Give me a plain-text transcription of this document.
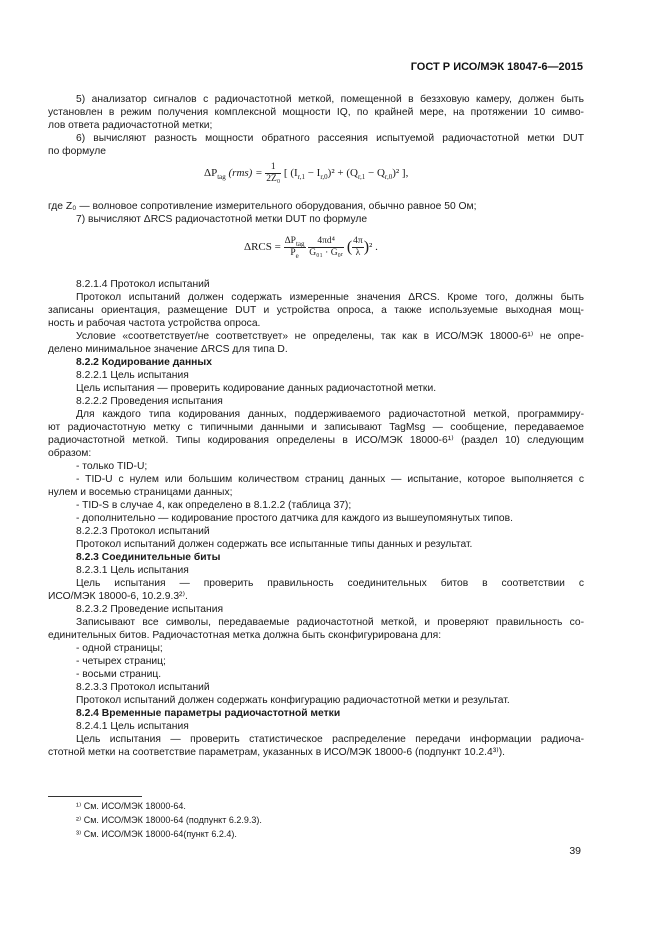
ГОСТ Р ИСО/МЭК 18047-6—2015
5) анализатор сигналов с радиочастотной меткой, помещенной в беззховую камеру, должен быть
установлен в режим получения комплексной мощности IQ, по крайней мере, на протяжении 10 симво-
лов ответа радиочастотной метки;
6) вычисляют разность мощности обратного рассеяния испытуемой радиочастотной метки DUT
по формуле
где Z₀ — волновое сопротивление измерительного оборудования, обычно равное 50 Ом;
7) вычисляют ΔRCS радиочастотной метки DUT по формуле
8.2.1.4 Протокол испытаний
Протокол испытаний должен содержать измеренные значения ΔRCS. Кроме того, должны быть
записаны ориентация, размещение DUT и устройства опроса, а также используемые выходная мощ-
ность и рабочая частота устройства опроса.
Условие «соответствует/не соответствует» не определены, так как в ИСО/МЭК 18000-6¹⁾ не опре-
делено минимальное значение ΔRCS для типа D.
8.2.2 Кодирование данных
8.2.2.1 Цель испытания
Цель испытания — проверить кодирование данных радиочастотной метки.
8.2.2.2 Проведения испытания
Для каждого типа кодирования данных, поддерживаемого радиочастотной меткой, программиру-
ют радиочастотную метку с типичными данными и записывают TagMsg — сообщение, передаваемое
радиочастотной меткой. Типы кодирования определены в ИСО/МЭК 18000-6¹⁾ (раздел 10) следующим
образом:
- только TID-U;
- TID-U с нулем или большим количеством страниц данных — испытание, которое выполняется с
нулем и восемью страницами данных;
- TID-S в случае 4, как определено в 8.1.2.2 (таблица 37);
- дополнительно — кодирование простого датчика для каждого из вышеупомянутых типов.
8.2.2.3 Протокол испытаний
Протокол испытаний должен содержать все испытанные типы данных и результат.
8.2.3 Соединительные биты
8.2.3.1 Цель испытания
Цель испытания — проверить правильность соединительных битов в соответствии с
ИСО/МЭК 18000-6, 10.2.9.3²⁾.
8.2.3.2 Проведение испытания
Записывают все символы, передаваемые радиочастотной меткой, и проверяют правильность со-
единительных битов. Радиочастотная метка должна быть сконфигурирована для:
- одной страницы;
- четырех страниц;
- восьми страниц.
8.2.3.3 Протокол испытаний
Протокол испытаний должен содержать конфигурацию радиочастотной метки и результат.
8.2.4 Временные параметры радиочастотной метки
8.2.4.1 Цель испытания
Цель испытания — проверить статистическое распределение передачи информации радиоча-
стотной метки на соответствие параметрам, указанных в ИСО/МЭК 18000-6 (подпункт 10.2.4³⁾).
$\Delta P_{tag}$ $(rms) = \frac{1}{\text{2Z₀}}$ [ $(I_{r,1} - I_{r,0})^2 + (Q_{r,1} - Q_{r,0})^2$ ],
$\Delta RCS = \frac{\Delta P_{tag}}{P_e}$
$\frac{\text{4πd⁴}}{\text{G₀₁ · G₀ᵣ}}$ ( $\frac{4\pi}{\lambda} )^2$ .
¹⁾ См. ИСО/МЭК 18000-64.
²⁾ См. ИСО/МЭК 18000-64 (подпункт 6.2.9.3).
³⁾ См. ИСО/МЭК 18000-64(пункт 6.2.4).
39
